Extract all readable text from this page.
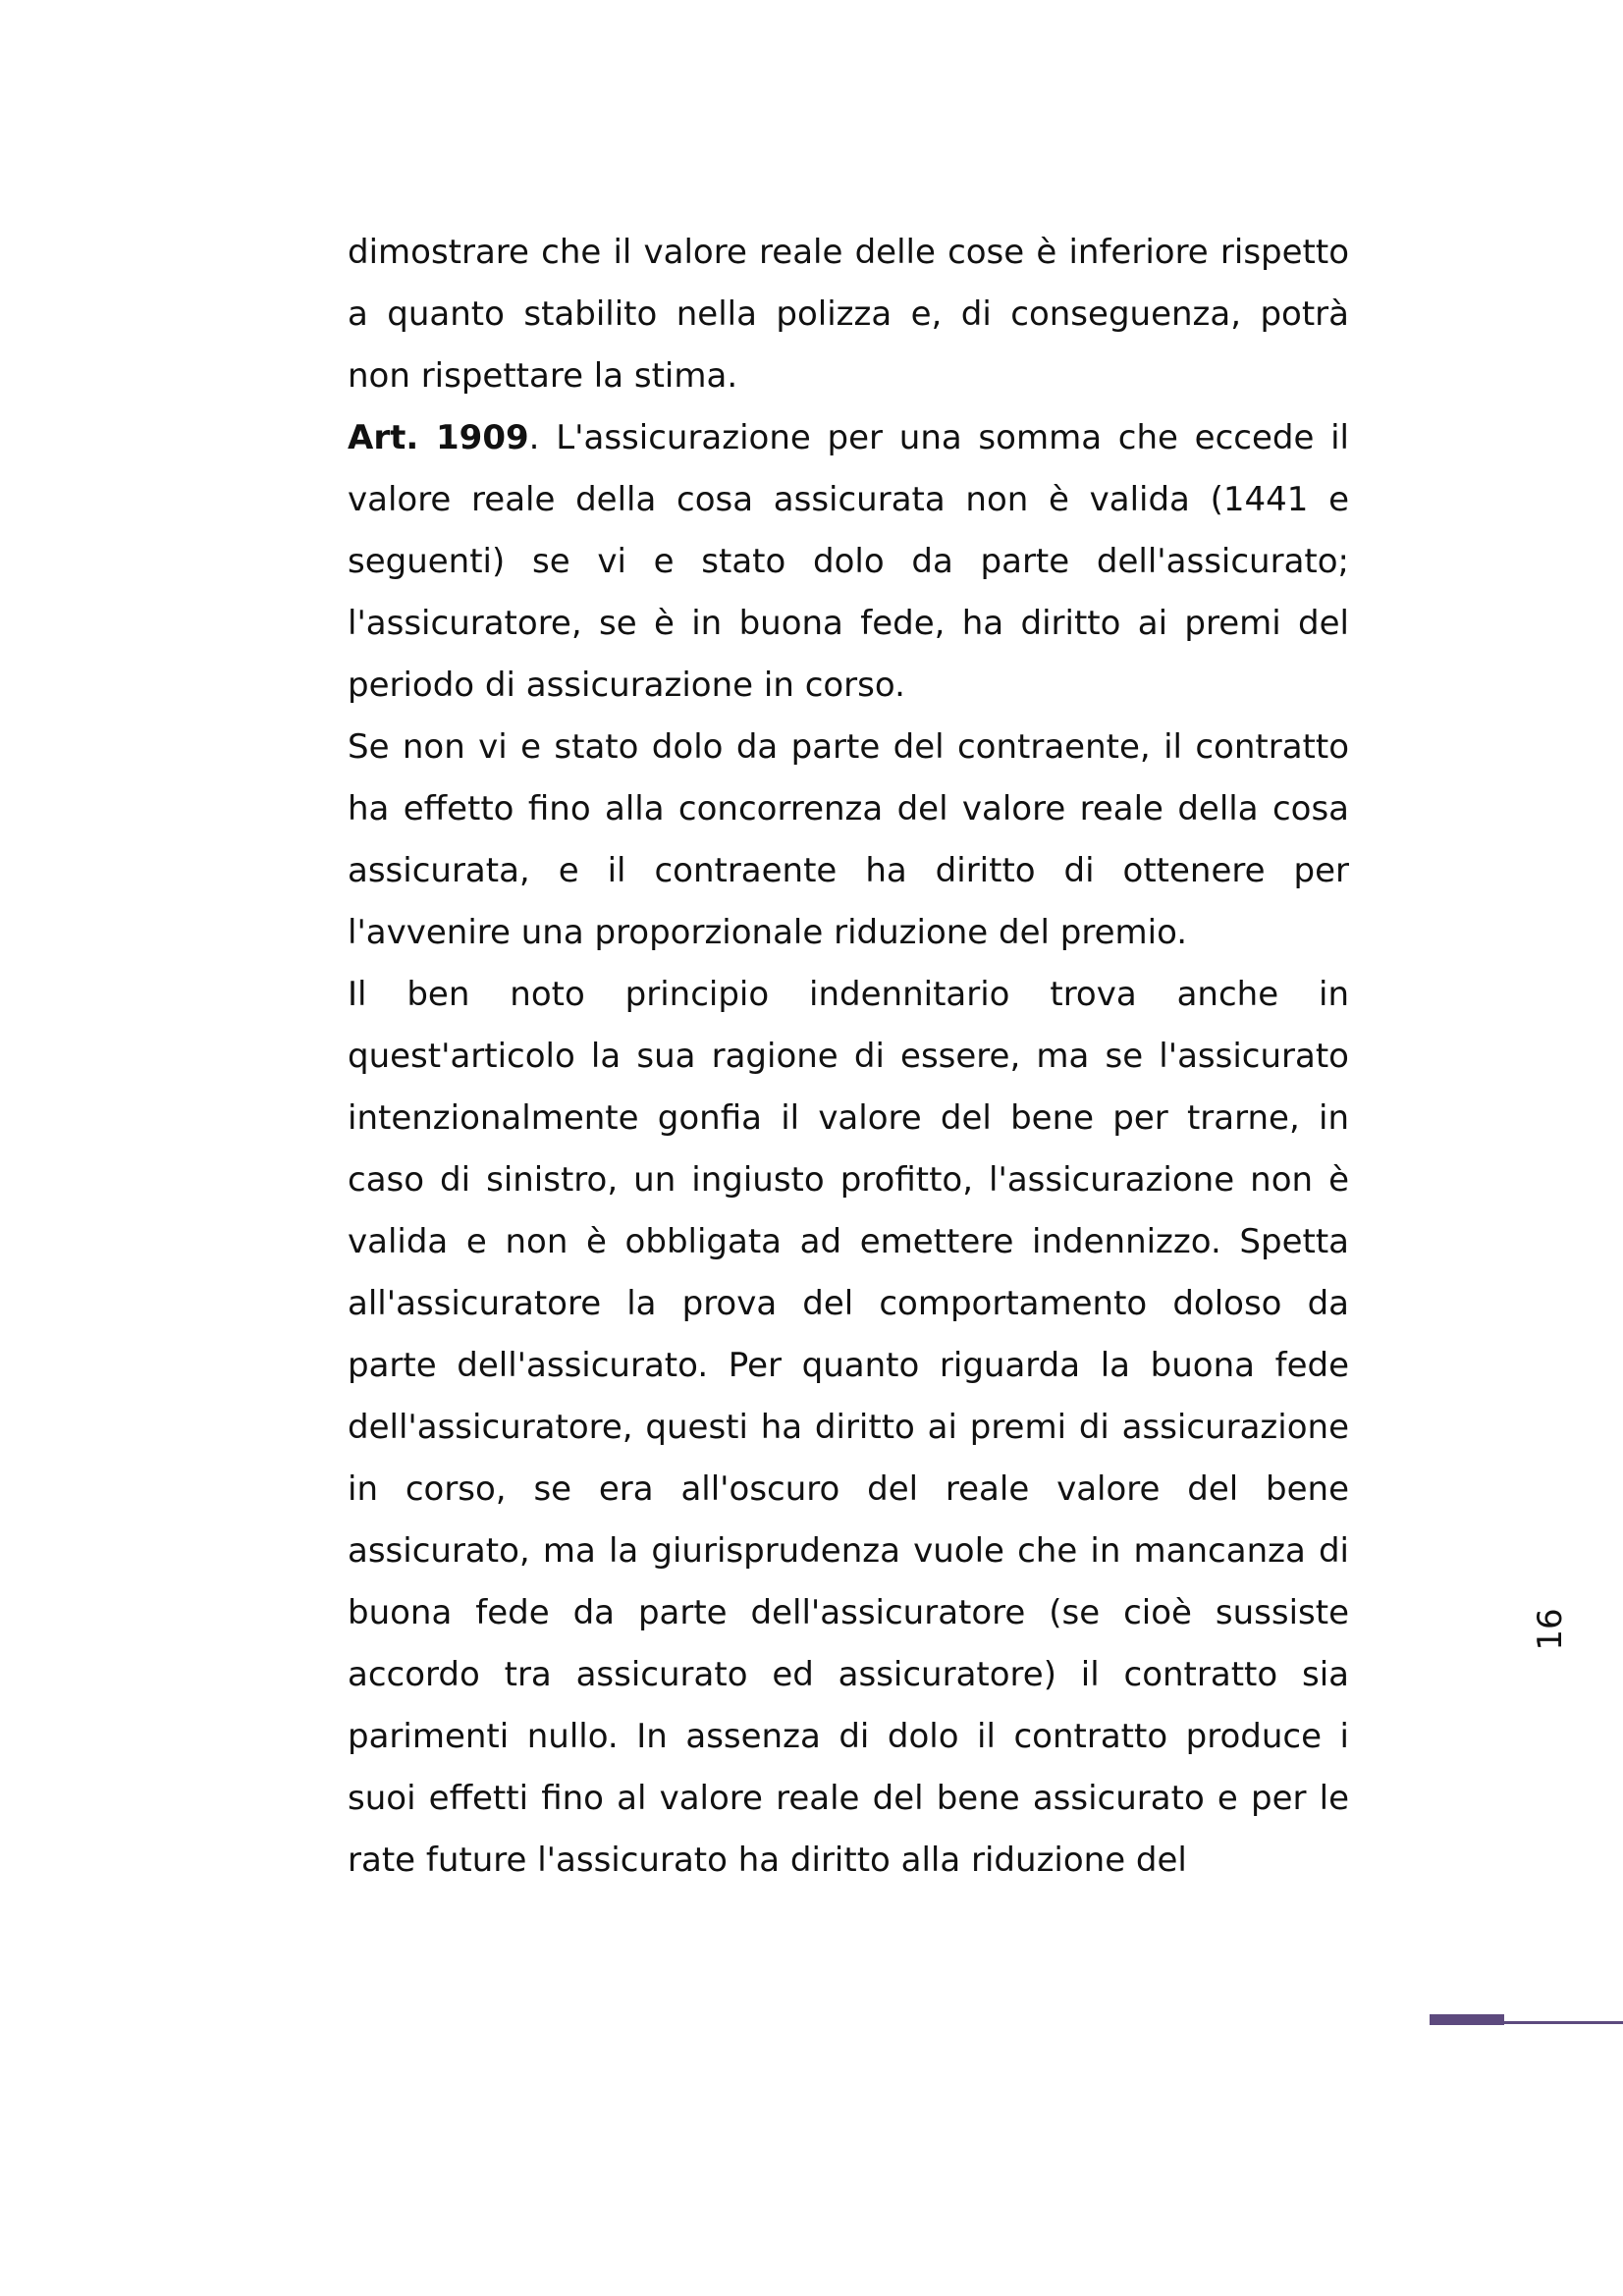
dimostrare che il valore reale delle cose è inferiore rispetto a quanto stabilito nella polizza e, di conseguenza, potrà non rispettare la stima.

Art. 1909. L'assicurazione per una somma che eccede il valore reale della cosa assicurata non è valida (1441 e seguenti) se vi e stato dolo da parte dell'assicurato; l'assicuratore, se è in buona fede, ha diritto ai premi del periodo di assicurazione in corso.

Se non vi e stato dolo da parte del contraente, il contratto ha effetto fino alla concorrenza del valore reale della cosa assicurata, e il contraente ha diritto di ottenere per l'avvenire una proporzionale riduzione del premio.

Il ben noto principio indennitario trova anche in quest'articolo la sua ragione di essere, ma se l'assicurato intenzionalmente gonfia il valore del bene per trarne, in caso di sinistro, un ingiusto profitto, l'assicurazione non è valida e non è obbligata ad emettere indennizzo. Spetta all'assicuratore la prova del comportamento doloso da parte dell'assicurato. Per quanto riguarda la buona fede dell'assicuratore, questi ha diritto ai premi di assicurazione in corso, se era all'oscuro del reale valore del bene assicurato, ma la giurisprudenza vuole che in mancanza di buona fede da parte dell'assicuratore (se cioè sussiste accordo tra assicurato ed assicuratore) il contratto sia parimenti nullo. In assenza di dolo il contratto produce i suoi effetti fino al valore reale del bene assicurato e per le rate future l'assicurato ha diritto alla riduzione del

16
